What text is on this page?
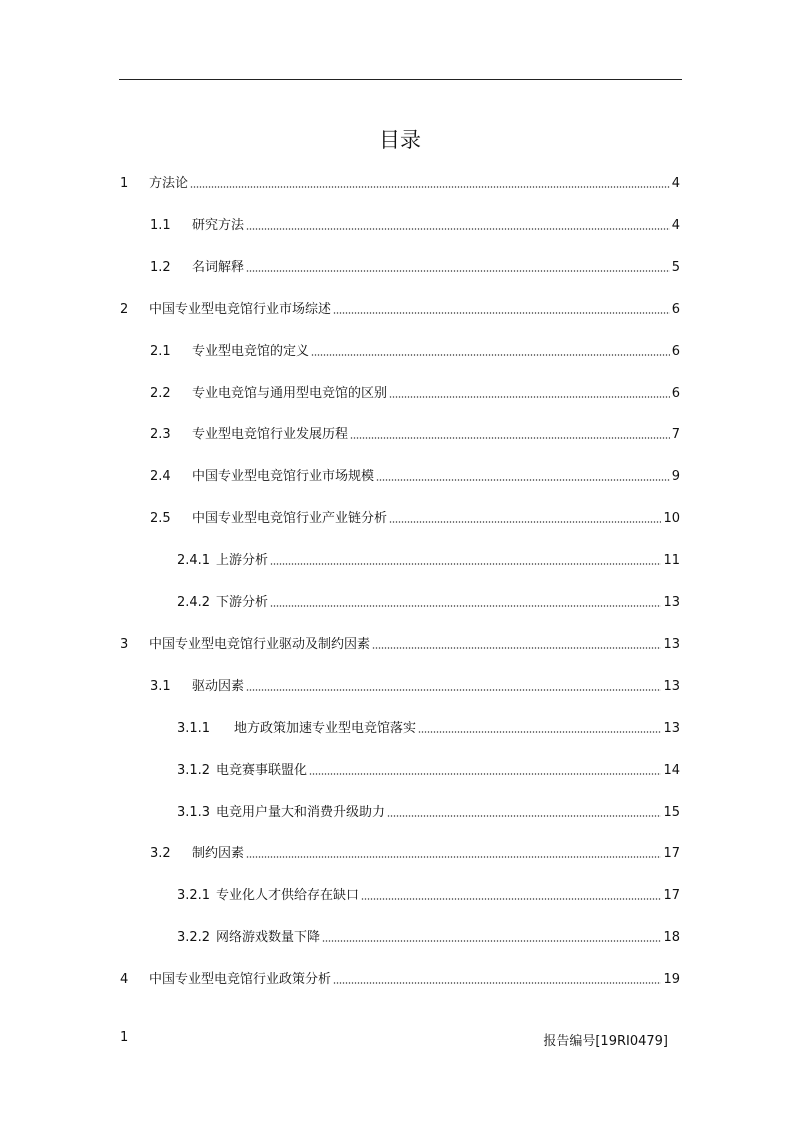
目录
1	方法论	4
1.1	研究方法	4
1.2	名词解释	5
2	中国专业型电竞馆行业市场综述	6
2.1	专业型电竞馆的定义	6
2.2	专业电竞馆与通用型电竞馆的区别	6
2.3	专业型电竞馆行业发展历程	7
2.4	中国专业型电竞馆行业市场规模	9
2.5	中国专业型电竞馆行业产业链分析	10
2.4.1 上游分析	11
2.4.2 下游分析	13
3	中国专业型电竞馆行业驱动及制约因素	13
3.1	驱动因素	13
3.1.1	地方政策加速专业型电竞馆落实	13
3.1.2 电竞赛事联盟化	14
3.1.3 电竞用户量大和消费升级助力	15
3.2	制约因素	17
3.2.1 专业化人才供给存在缺口	17
3.2.2 网络游戏数量下降	18
4	中国专业型电竞馆行业政策分析	19
1	报告编号[19RI0479]
